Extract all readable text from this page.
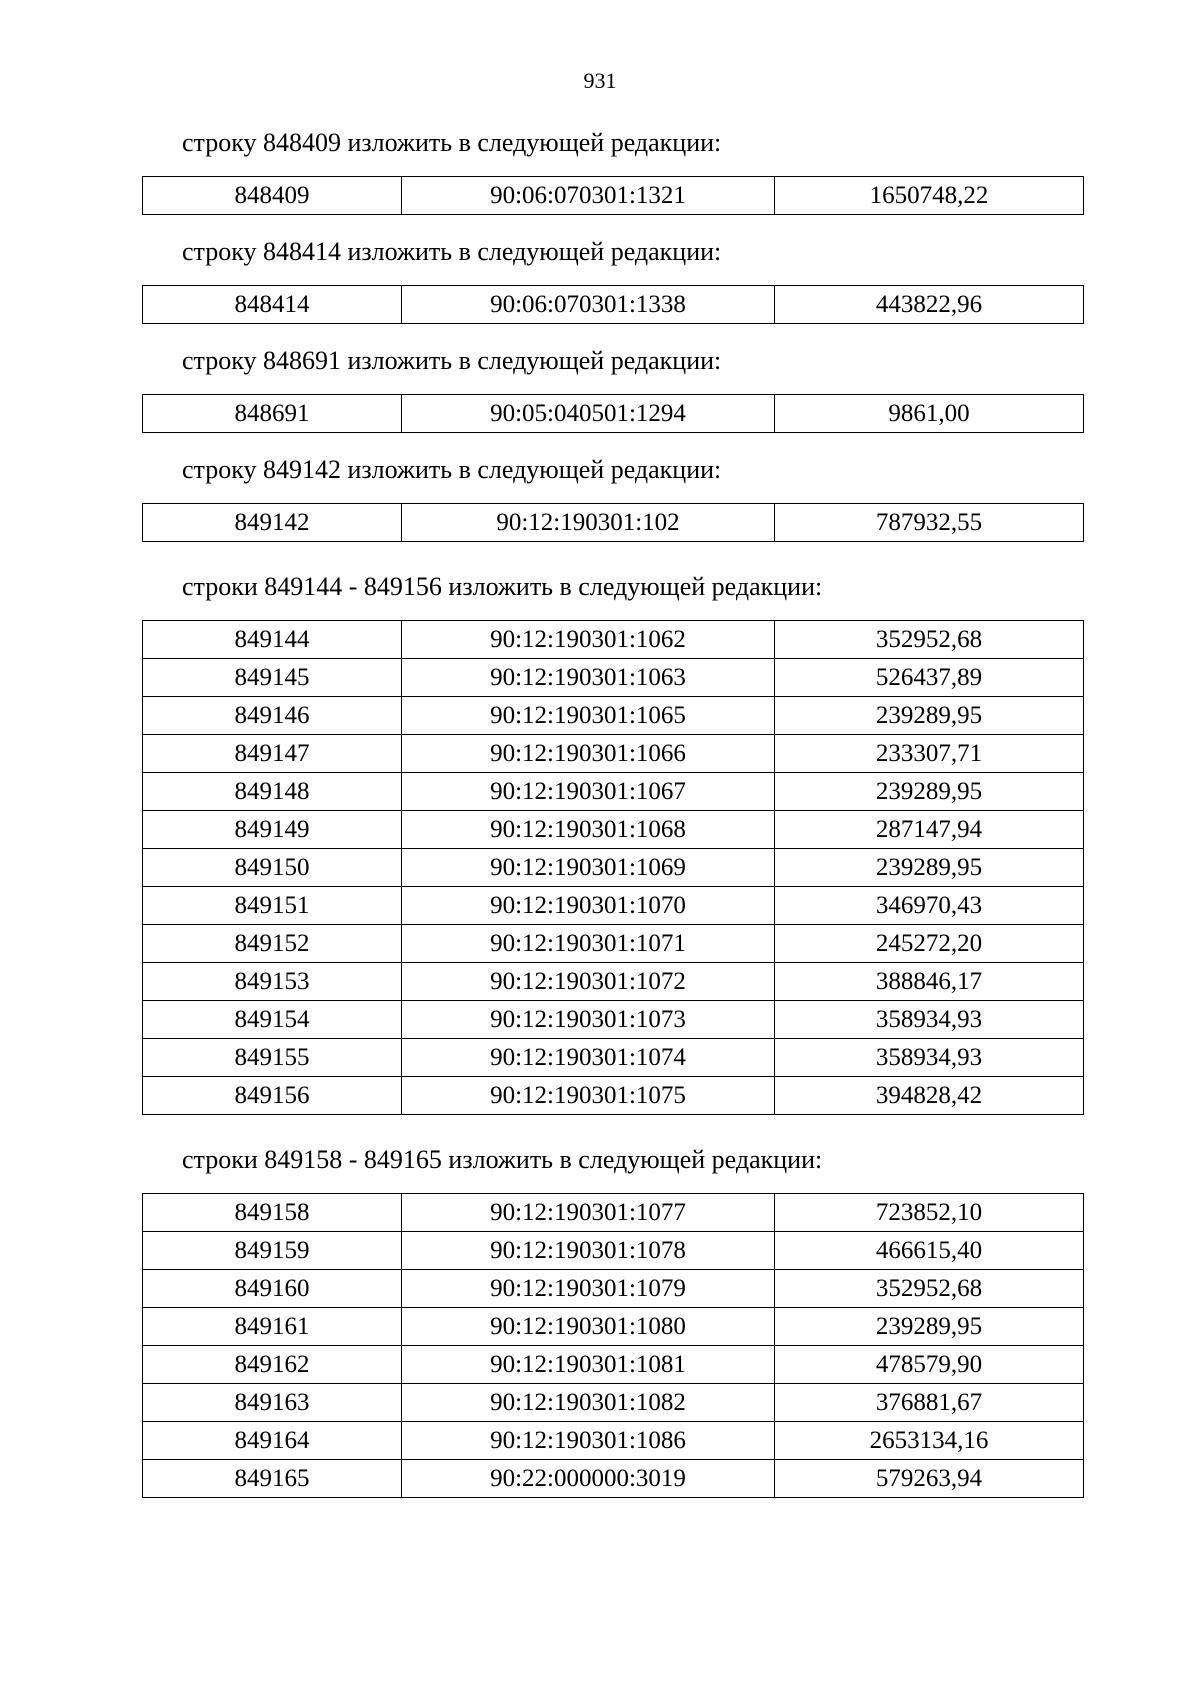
931
строку 848409 изложить в следующей редакции:
848409	90:06:070301:1321	1650748,22
строку 848414 изложить в следующей редакции:
848414	90:06:070301:1338	443822,96
строку 848691 изложить в следующей редакции:
848691	90:05:040501:1294	9861,00
строку 849142 изложить в следующей редакции:
849142	90:12:190301:102	787932,55
строки 849144 - 849156 изложить в следующей редакции:
849144	90:12:190301:1062	352952,68
849145	90:12:190301:1063	526437,89
849146	90:12:190301:1065	239289,95
849147	90:12:190301:1066	233307,71
849148	90:12:190301:1067	239289,95
849149	90:12:190301:1068	287147,94
849150	90:12:190301:1069	239289,95
849151	90:12:190301:1070	346970,43
849152	90:12:190301:1071	245272,20
849153	90:12:190301:1072	388846,17
849154	90:12:190301:1073	358934,93
849155	90:12:190301:1074	358934,93
849156	90:12:190301:1075	394828,42
строки 849158 - 849165 изложить в следующей редакции:
849158	90:12:190301:1077	723852,10
849159	90:12:190301:1078	466615,40
849160	90:12:190301:1079	352952,68
849161	90:12:190301:1080	239289,95
849162	90:12:190301:1081	478579,90
849163	90:12:190301:1082	376881,67
849164	90:12:190301:1086	2653134,16
849165	90:22:000000:3019	579263,94
